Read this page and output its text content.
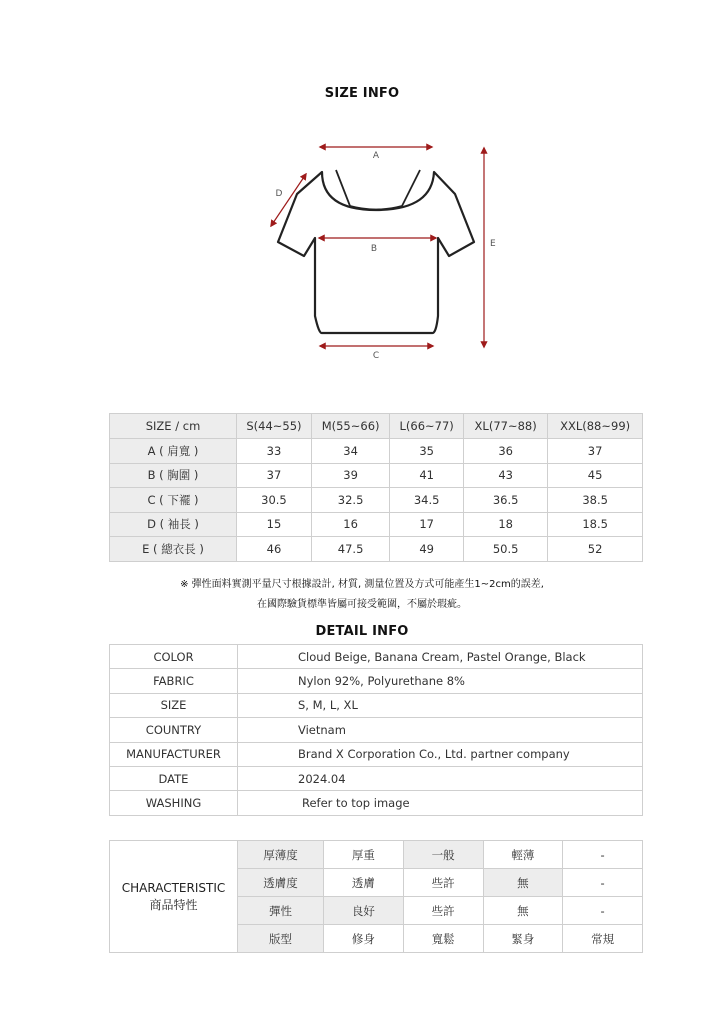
SIZE INFO
A
B
C
D
E
SIZE / cm	S(44~55)	M(55~66)	L(66~77)	XL(77~88)	XXL(88~99)
A ( 肩寬 )	33	34	35	36	37
B ( 胸圍 )	37	39	41	43	45
C ( 下襬 )	30.5	32.5	34.5	36.5	38.5
D ( 袖長 )	15	16	17	18	18.5
E ( 總衣長 )	46	47.5	49	50.5	52
※ 彈性面料實測平量尺寸根據設計, 材質, 測量位置及方式可能產生1~2cm的誤差,
在國際驗貨標準皆屬可接受範圍，不屬於瑕疵。
DETAIL INFO
COLOR	Cloud Beige, Banana Cream, Pastel Orange, Black
FABRIC	Nylon 92%, Polyurethane 8%
SIZE	S, M, L, XL
COUNTRY	Vietnam
MANUFACTURER	Brand X Corporation Co., Ltd. partner company
DATE	2024.04
WASHING	Refer to top image
CHARACTERISTIC
商品特性	厚薄度	厚重	一般	輕薄	-
	透膚度	透膚	些許	無	-
	彈性	良好	些許	無	-
	版型	修身	寬鬆	緊身	常規
